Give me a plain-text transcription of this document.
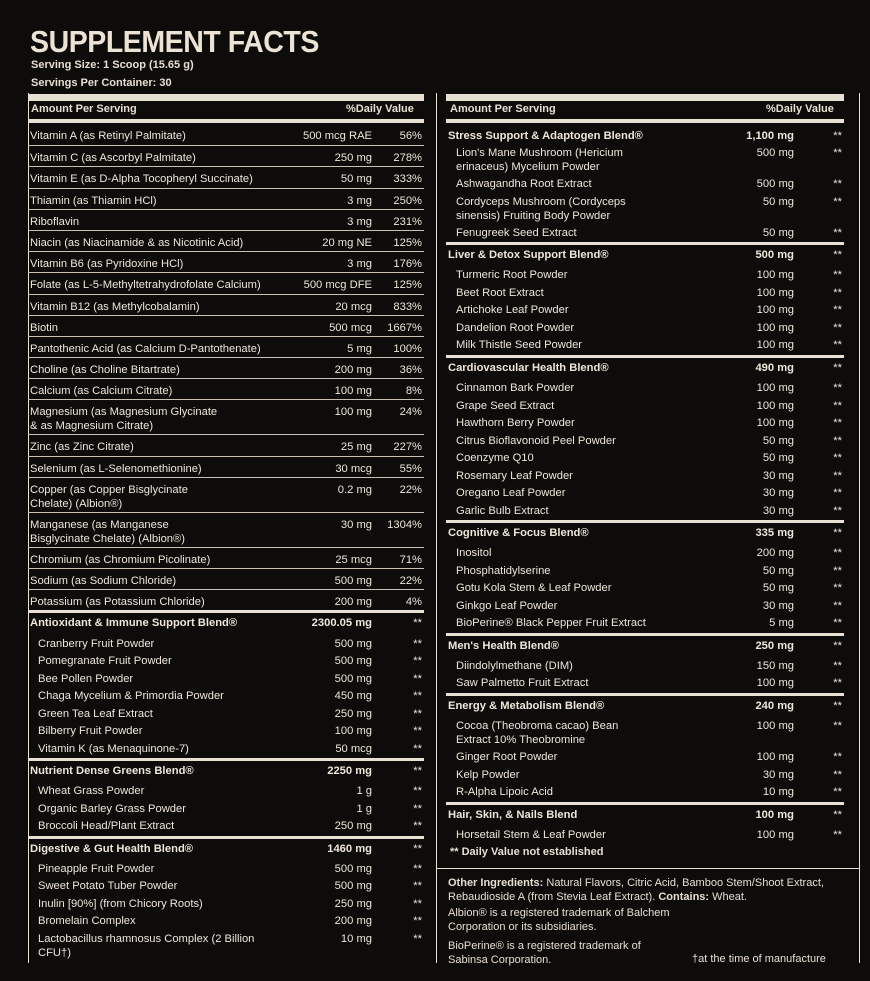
SUPPLEMENT FACTS
Serving Size: 1 Scoop (15.65 g)
Servings Per Container: 30
Amount Per Serving	%Daily Value	Amount Per Serving	%Daily Value
Vitamin A (as Retinyl Palmitate)	500 mcg RAE 56%
Vitamin C (as Ascorbyl Palmitate)	250 mg 278%
Vitamin E (as D-Alpha Tocopheryl Succinate)	50 mg 333%
Thiamin (as Thiamin HCl)	3 mg 250%
Riboflavin	3 mg 231%
Niacin (as Niacinamide & as Nicotinic Acid)	20 mg NE 125%
Vitamin B6 (as Pyridoxine HCl)	3 mg 176%
Folate (as L-5-Methyltetrahydrofolate Calcium)	500 mcg DFE 125%
Vitamin B12 (as Methylcobalamin)	20 mcg 833%
Biotin	500 mcg 1667%
Pantothenic Acid (as Calcium D-Pantothenate)	5 mg 100%
Choline (as Choline Bitartrate)	200 mg 36%
Calcium (as Calcium Citrate)	100 mg	8%
Magnesium (as Magnesium Glycinate
& as Magnesium Citrate)
100 mg 24%
Zinc (as Zinc Citrate)	25 mg 227%
Selenium (as L-Selenomethionine)	30 mcg 55%
Copper (as Copper Bisglycinate
Chelate) (Albion®)
0.2 mg 22%
Manganese (as Manganese
Bisglycinate Chelate) (Albion®)
30 mg 1304%
Chromium (as Chromium Picolinate)	25 mcg 71%
Sodium (as Sodium Chloride)	500 mg 22%
Potassium (as Potassium Chloride)	200 mg	4%
Antioxidant & Immune Support Blend®	2300.05 mg	**
Cranberry Fruit Powder	500 mg	**
Pomegranate Fruit Powder	500 mg	**
Bee Pollen Powder	500 mg	**
Chaga Mycelium & Primordia Powder	450 mg	**
Green Tea Leaf Extract	250 mg	**
Bilberry Fruit Powder	100 mg	**
Vitamin K (as Menaquinone-7)	50 mcg	**
Nutrient Dense Greens Blend®	2250 mg	**
Wheat Grass Powder	1 g	**
Organic Barley Grass Powder	1 g	**
Broccoli Head/Plant Extract	250 mg	**
Digestive & Gut Health Blend®	1460 mg	**
Pineapple Fruit Powder	500 mg	**
Sweet Potato Tuber Powder	500 mg	**
Inulin [90%] (from Chicory Roots)	250 mg	**
Bromelain Complex	200 mg	**
Lactobacillus rhamnosus Complex (2 Billion CFU†)
10 mg	**
Stress Support & Adaptogen Blend®	1,100 mg	**
Lion's Mane Mushroom (Hericium
erinaceus) Mycelium Powder
500 mg	**
Ashwagandha Root Extract	500 mg	**
Cordyceps Mushroom (Cordyceps
sinensis) Fruiting Body Powder
50 mg	**
Fenugreek Seed Extract	50 mg	**
Liver & Detox Support Blend®	500 mg	**
Turmeric Root Powder	100 mg	**
Beet Root Extract	100 mg	**
Artichoke Leaf Powder	100 mg	**
Dandelion Root Powder	100 mg	**
Milk Thistle Seed Powder	100 mg	**
Cardiovascular Health Blend®	490 mg	**
Cinnamon Bark Powder	100 mg	**
Grape Seed Extract	100 mg	**
Hawthorn Berry Powder	100 mg	**
Citrus Bioflavonoid Peel Powder	50 mg	**
Coenzyme Q10	50 mg	**
Rosemary Leaf Powder	30 mg	**
Oregano Leaf Powder	30 mg	**
Garlic Bulb Extract	30 mg	**
Cognitive & Focus Blend®	335 mg	**
Inositol	200 mg	**
Phosphatidylserine	50 mg	**
Gotu Kola Stem & Leaf Powder	50 mg	**
Ginkgo Leaf Powder	30 mg	**
BioPerine® Black Pepper Fruit Extract	5 mg	**
Men's Health Blend®	250 mg	**
Diindolylmethane (DIM)	150 mg	**
Saw Palmetto Fruit Extract	100 mg	**
Energy & Metabolism Blend®	240 mg	**
Cocoa (Theobroma cacao) Bean
Extract 10% Theobromine
100 mg	**
Ginger Root Powder	100 mg	**
Kelp Powder	30 mg	**
R-Alpha Lipoic Acid	10 mg	**
Hair, Skin, & Nails Blend	100 mg	**
Horsetail Stem & Leaf Powder	100 mg	**
** Daily Value not established
Other Ingredients: Natural Flavors, Citric Acid, Bamboo Stem/Shoot Extract, Rebaudioside A (from Stevia Leaf Extract). Contains: Wheat.
Albion® is a registered trademark of Balchem Corporation or its subsidiaries.
BioPerine® is a registered trademark of Sabinsa Corporation.	†at the time of manufacture
